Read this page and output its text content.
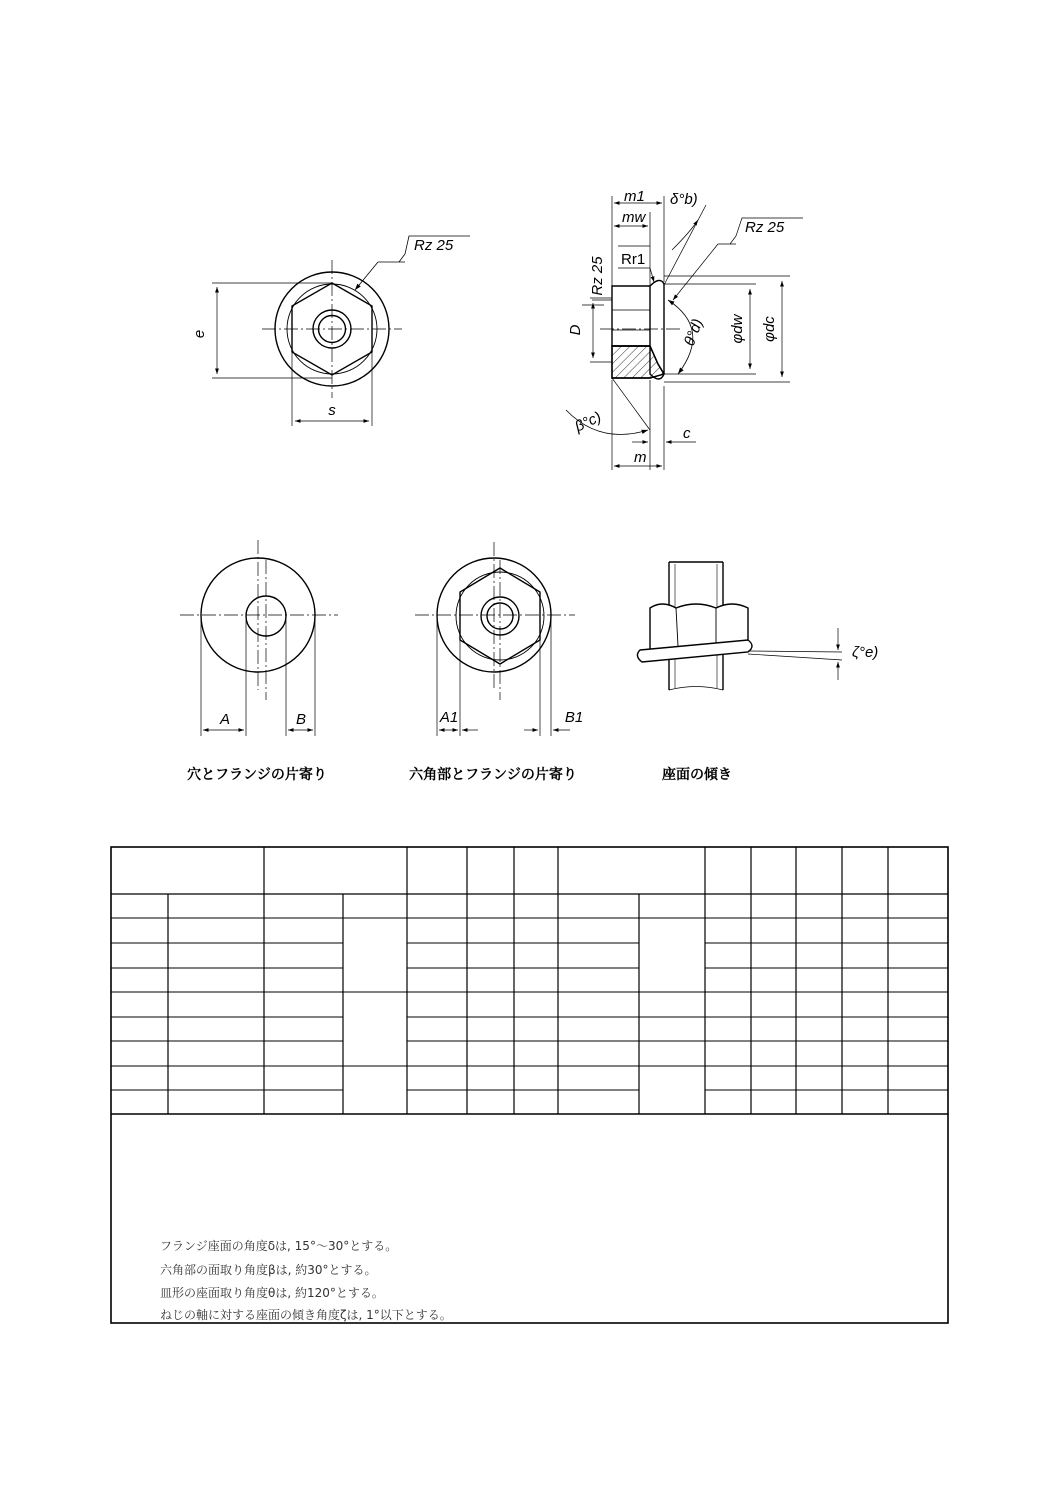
e
s
Rz 25
m1 δ°b)
mw
Rz 25
Rr1
Rz 25
D	θ°d) φdw φdc
β°c)	c
m
A	B
穴とフランジの片寄り
A1	B1
六角部とフランジの片寄り
ζ°e)
座面の傾き
フランジ座面の角度δは, 15°〜30°とする。
六角部の面取り角度βは, 約30°とする。
皿形の座面取り角度θは, 約120°とする。
ねじの軸に対する座面の傾き角度ζは, 1°以下とする。
